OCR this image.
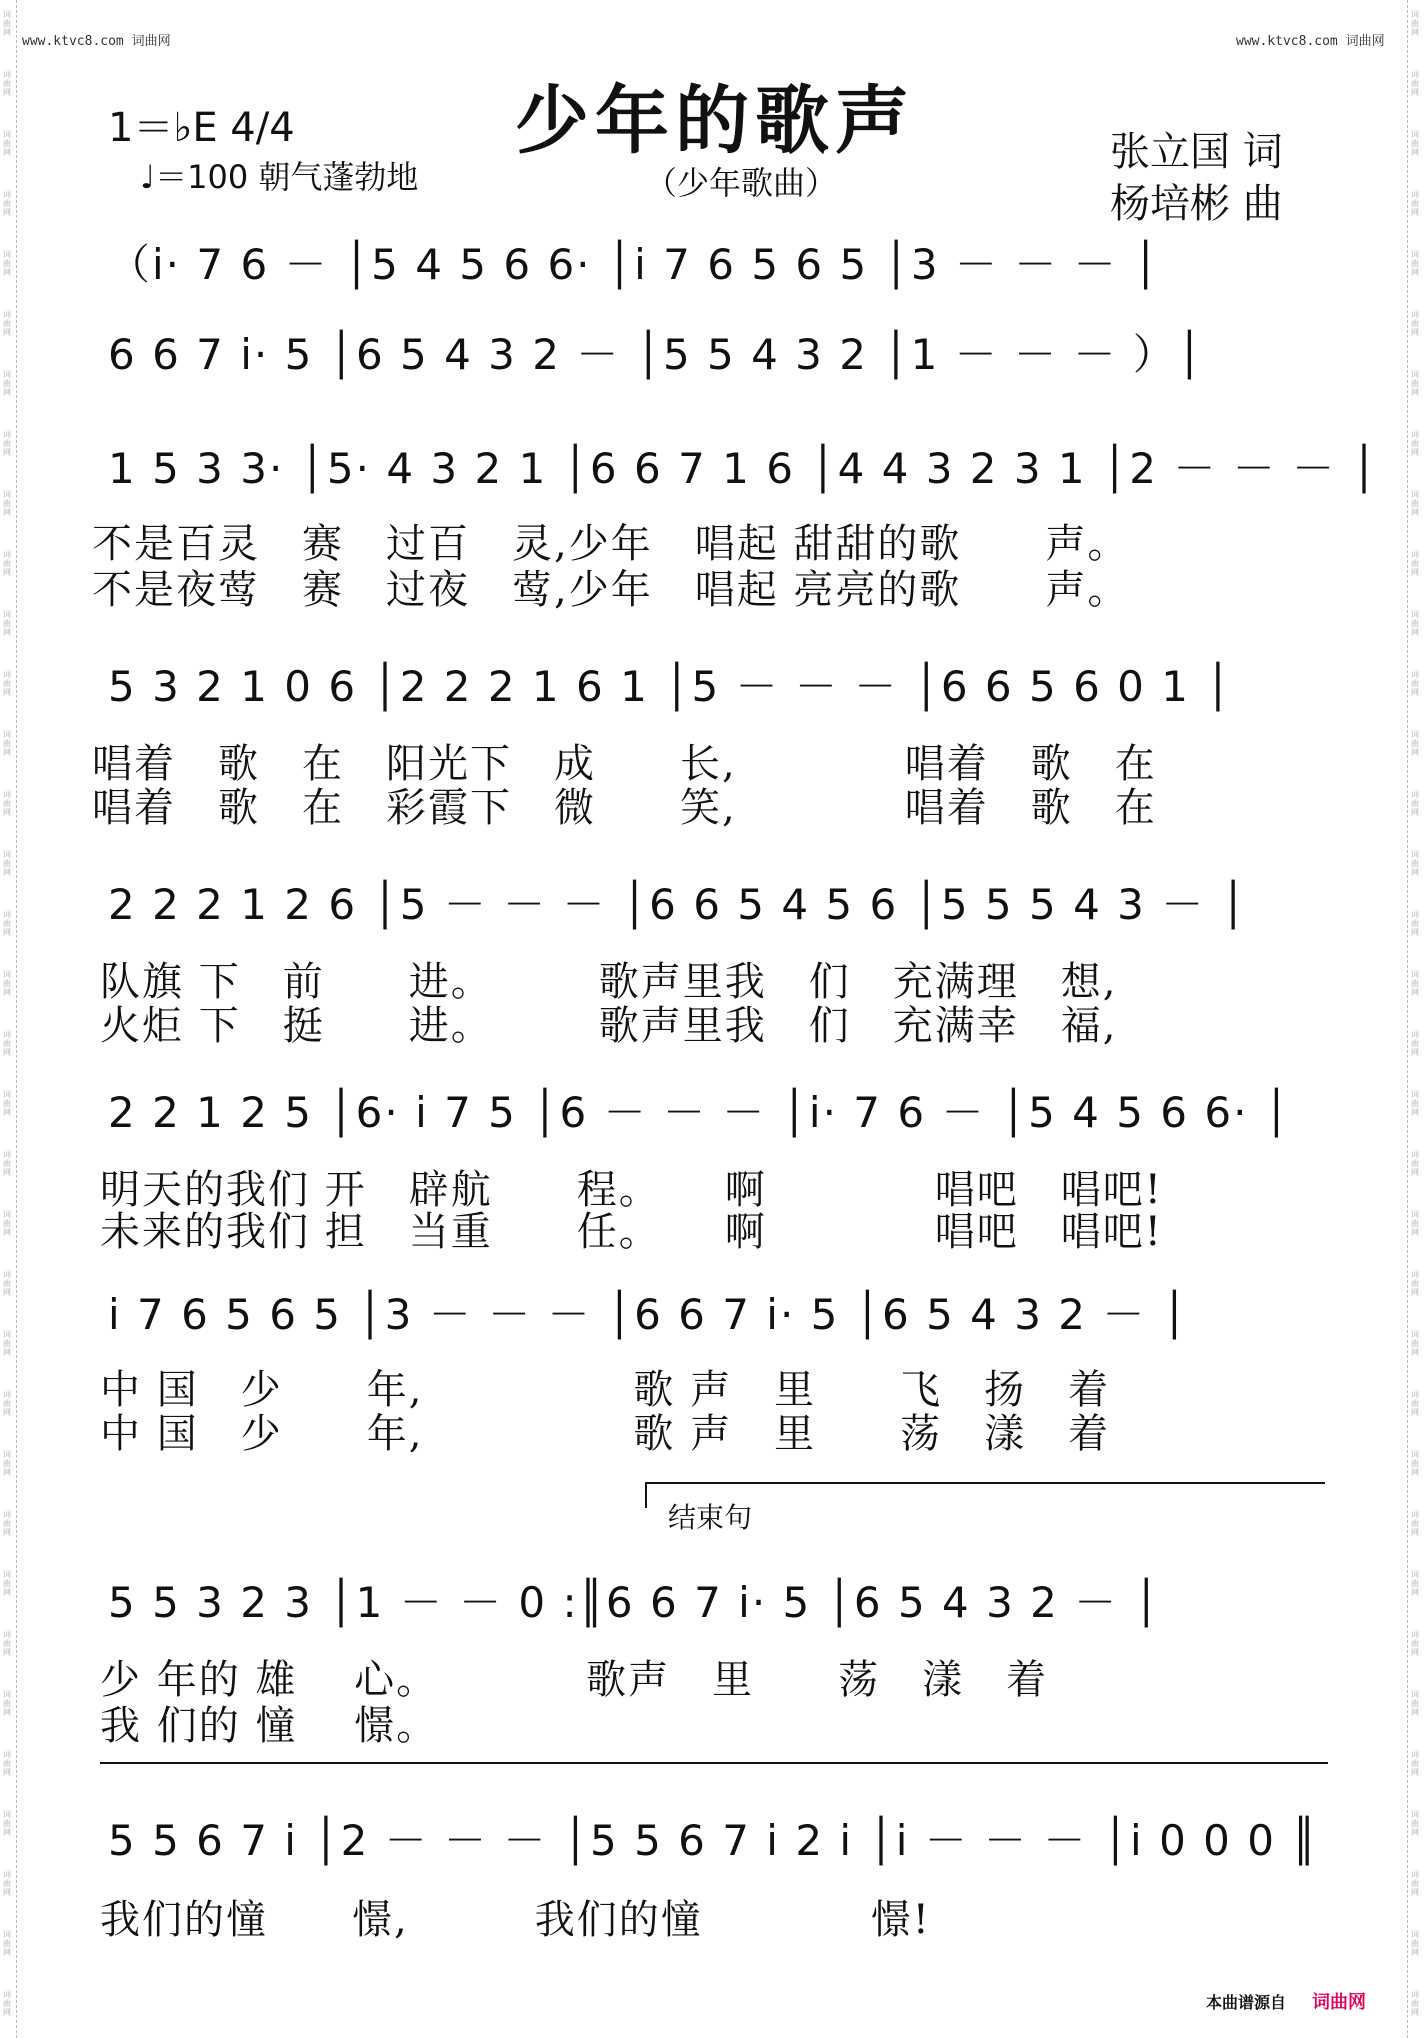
词曲网
词曲网
词曲网
词曲网
词曲网
词曲网
词曲网
词曲网
词曲网
词曲网
词曲网
词曲网
词曲网
词曲网
词曲网
词曲网
词曲网
词曲网
词曲网
词曲网
词曲网
词曲网
词曲网
词曲网
词曲网
词曲网
词曲网
词曲网
词曲网
词曲网
词曲网
词曲网
词曲网
词曲网
词曲网
词曲网
词曲网
词曲网
词曲网
词曲网
词曲网
词曲网
词曲网
词曲网
词曲网
词曲网
词曲网
词曲网
词曲网
词曲网
词曲网
词曲网
词曲网
词曲网
词曲网
词曲网
词曲网
词曲网
词曲网
词曲网
词曲网
词曲网
词曲网
词曲网
词曲网
词曲网
词曲网
词曲网
www.ktvc8.com 词曲网	www.ktvc8.com 词曲网
1＝♭E 4/4
♩＝100 朝气蓬勃地
少年的歌声
（少年歌曲）
张立国 词
杨培彬 曲
（i· 7 6 － │5 4 5 6 6· │i 7 6 5 6 5 │3 － － － │
6 6 7 i· 5 │6 5 4 3 2 － │5 5 4 3 2 │1 － － － ）│
1 5 3 3· │5· 4 3 2 1 │6 6 7 1 6 │4 4 3 2 3 1 │2 － － － │
不是百灵　赛　过百　灵,少年　唱起 甜甜的歌　　声。
不是夜莺　赛　过夜　莺,少年　唱起 亮亮的歌　　声。
5 3 2 1 0 6 │2 2 2 1 6 1 │5 － － － │6 6 5 6 0 1 │
唱着　歌　在　阳光下　成　　长,　　　　唱着　歌　在
唱着　歌　在　彩霞下　微　　笑,　　　　唱着　歌　在
2 2 2 1 2 6 │5 － － － │6 6 5 4 5 6 │5 5 5 4 3 － │
队旗 下　前　　进。　　　歌声里我　们　充满理　想,
火炬 下　挺　　进。　　　歌声里我　们　充满幸　福,
2 2 1 2 5 │6· i 7 5 │6 － － － │i· 7 6 － │5 4 5 6 6· │
明天的我们 开　辟航　　程。　　啊　　　　唱吧　唱吧!
未来的我们 担　当重　　任。　　啊　　　　唱吧　唱吧!
i 7 6 5 6 5 │3 － － － │6 6 7 i· 5 │6 5 4 3 2 － │
中 国　少　　年,　　　　　歌 声　里　　飞　扬　着
中 国　少　　年,　　　　　歌 声　里　　荡　漾　着
结束句
5 5 3 2 3 │1 － － 0 :║6 6 7 i· 5 │6 5 4 3 2 － │
少 年的 雄　 心。　　　　歌声　里　　荡　漾　着
我 们的 憧　 憬。
5 5 6 7 i │2 － － － │5 5 6 7 i 2 i │i － － － │i 0 0 0 ║
我们的憧　　憬,　　　我们的憧　　　　憬!
本曲谱源自 词曲网
